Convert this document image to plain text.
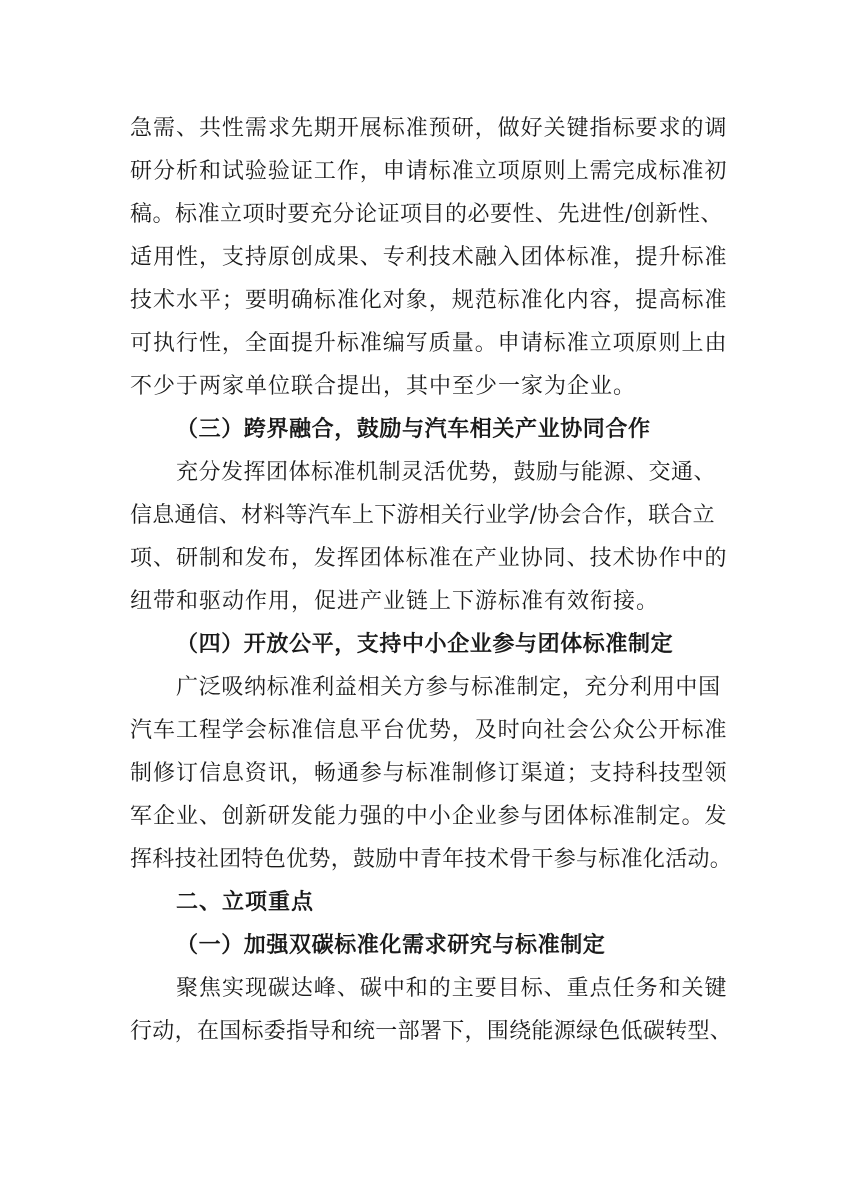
急需、共性需求先期开展标准预研，做好关键指标要求的调
研分析和试验验证工作，申请标准立项原则上需完成标准初
稿。标准立项时要充分论证项目的必要性、先进性/创新性、
适用性，支持原创成果、专利技术融入团体标准，提升标准
技术水平；要明确标准化对象，规范标准化内容，提高标准
可执行性，全面提升标准编写质量。申请标准立项原则上由
不少于两家单位联合提出，其中至少一家为企业。
（三）跨界融合，鼓励与汽车相关产业协同合作
充分发挥团体标准机制灵活优势，鼓励与能源、交通、
信息通信、材料等汽车上下游相关行业学/协会合作，联合立
项、研制和发布，发挥团体标准在产业协同、技术协作中的
纽带和驱动作用，促进产业链上下游标准有效衔接。
（四）开放公平，支持中小企业参与团体标准制定
广泛吸纳标准利益相关方参与标准制定，充分利用中国
汽车工程学会标准信息平台优势，及时向社会公众公开标准
制修订信息资讯，畅通参与标准制修订渠道；支持科技型领
军企业、创新研发能力强的中小企业参与团体标准制定。发
挥科技社团特色优势，鼓励中青年技术骨干参与标准化活动。
二、立项重点
（一）加强双碳标准化需求研究与标准制定
聚焦实现碳达峰、碳中和的主要目标、重点任务和关键
行动，在国标委指导和统一部署下，围绕能源绿色低碳转型、
